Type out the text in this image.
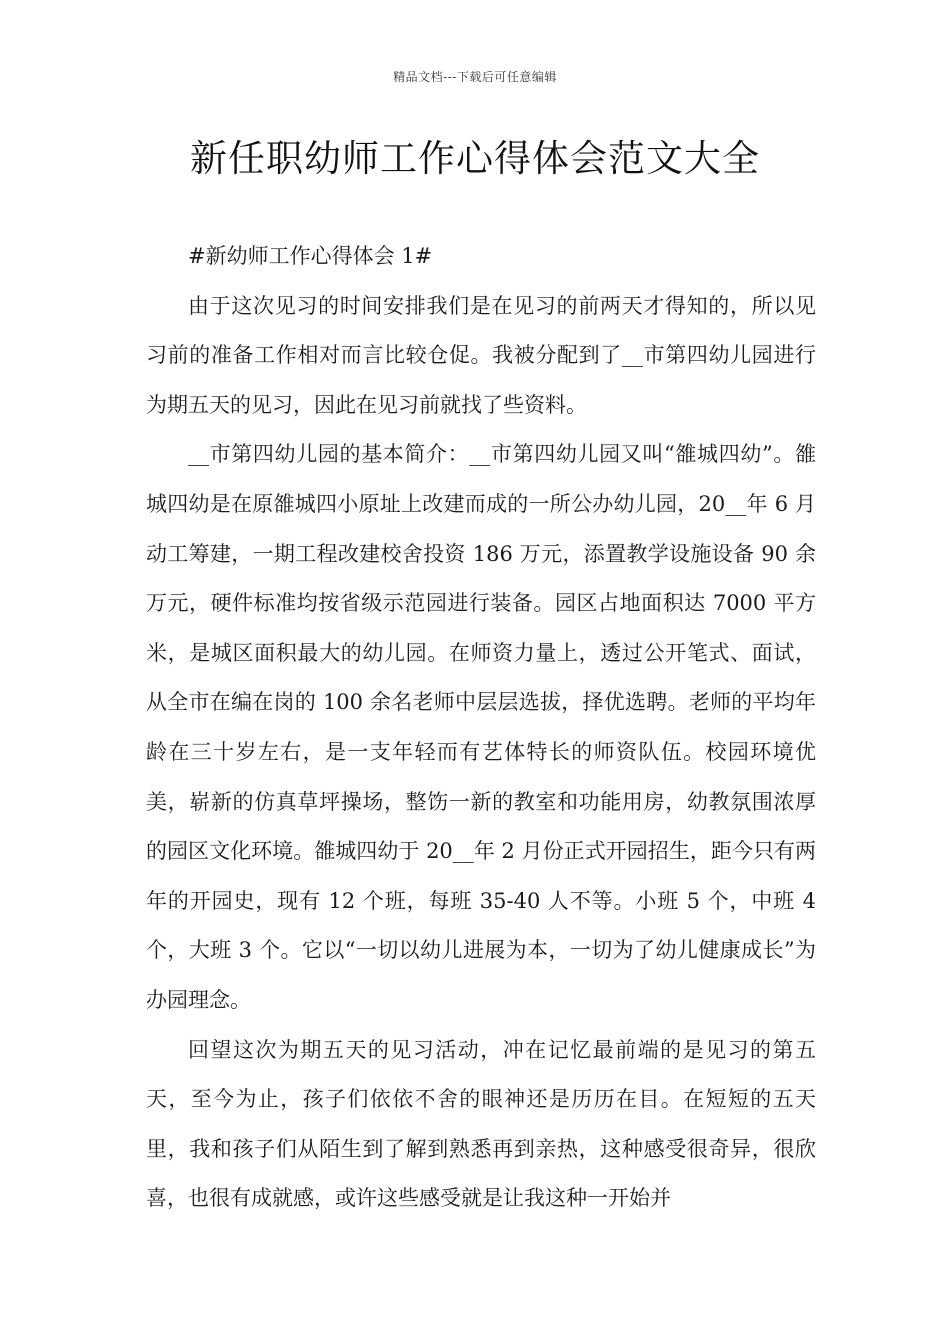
精品文档---下载后可任意编辑
新任职幼师工作心得体会范文大全

#新幼师工作心得体会 1#

由于这次见习的时间安排我们是在见习的前两天才得知的，所以见习前的准备工作相对而言比较仓促。我被分配到了__市第四幼儿园进行为期五天的见习，因此在见习前就找了些资料。

__市第四幼儿园的基本简介：__市第四幼儿园又叫“雒城四幼”。雒城四幼是在原雒城四小原址上改建而成的一所公办幼儿园，20__年 6 月动工筹建，一期工程改建校舍投资 186 万元，添置教学设施设备 90 余万元，硬件标准均按省级示范园进行装备。园区占地面积达 7000 平方米，是城区面积最大的幼儿园。在师资力量上，透过公开笔式、面试，从全市在编在岗的 100 余名老师中层层选拔，择优选聘。老师的平均年龄在三十岁左右，是一支年轻而有艺体特长的师资队伍。校园环境优美，崭新的仿真草坪操场，整饬一新的教室和功能用房，幼教氛围浓厚的园区文化环境。雒城四幼于 20__年 2 月份正式开园招生，距今只有两年的开园史，现有 12 个班，每班 35-40 人不等。小班 5 个，中班 4 个，大班 3 个。它以“一切以幼儿进展为本，一切为了幼儿健康成长”为办园理念。

回望这次为期五天的见习活动，冲在记忆最前端的是见习的第五天，至今为止，孩子们依依不舍的眼神还是历历在目。在短短的五天里，我和孩子们从陌生到了解到熟悉再到亲热，这种感受很奇异，很欣喜，也很有成就感，或许这些感受就是让我这种一开始并
